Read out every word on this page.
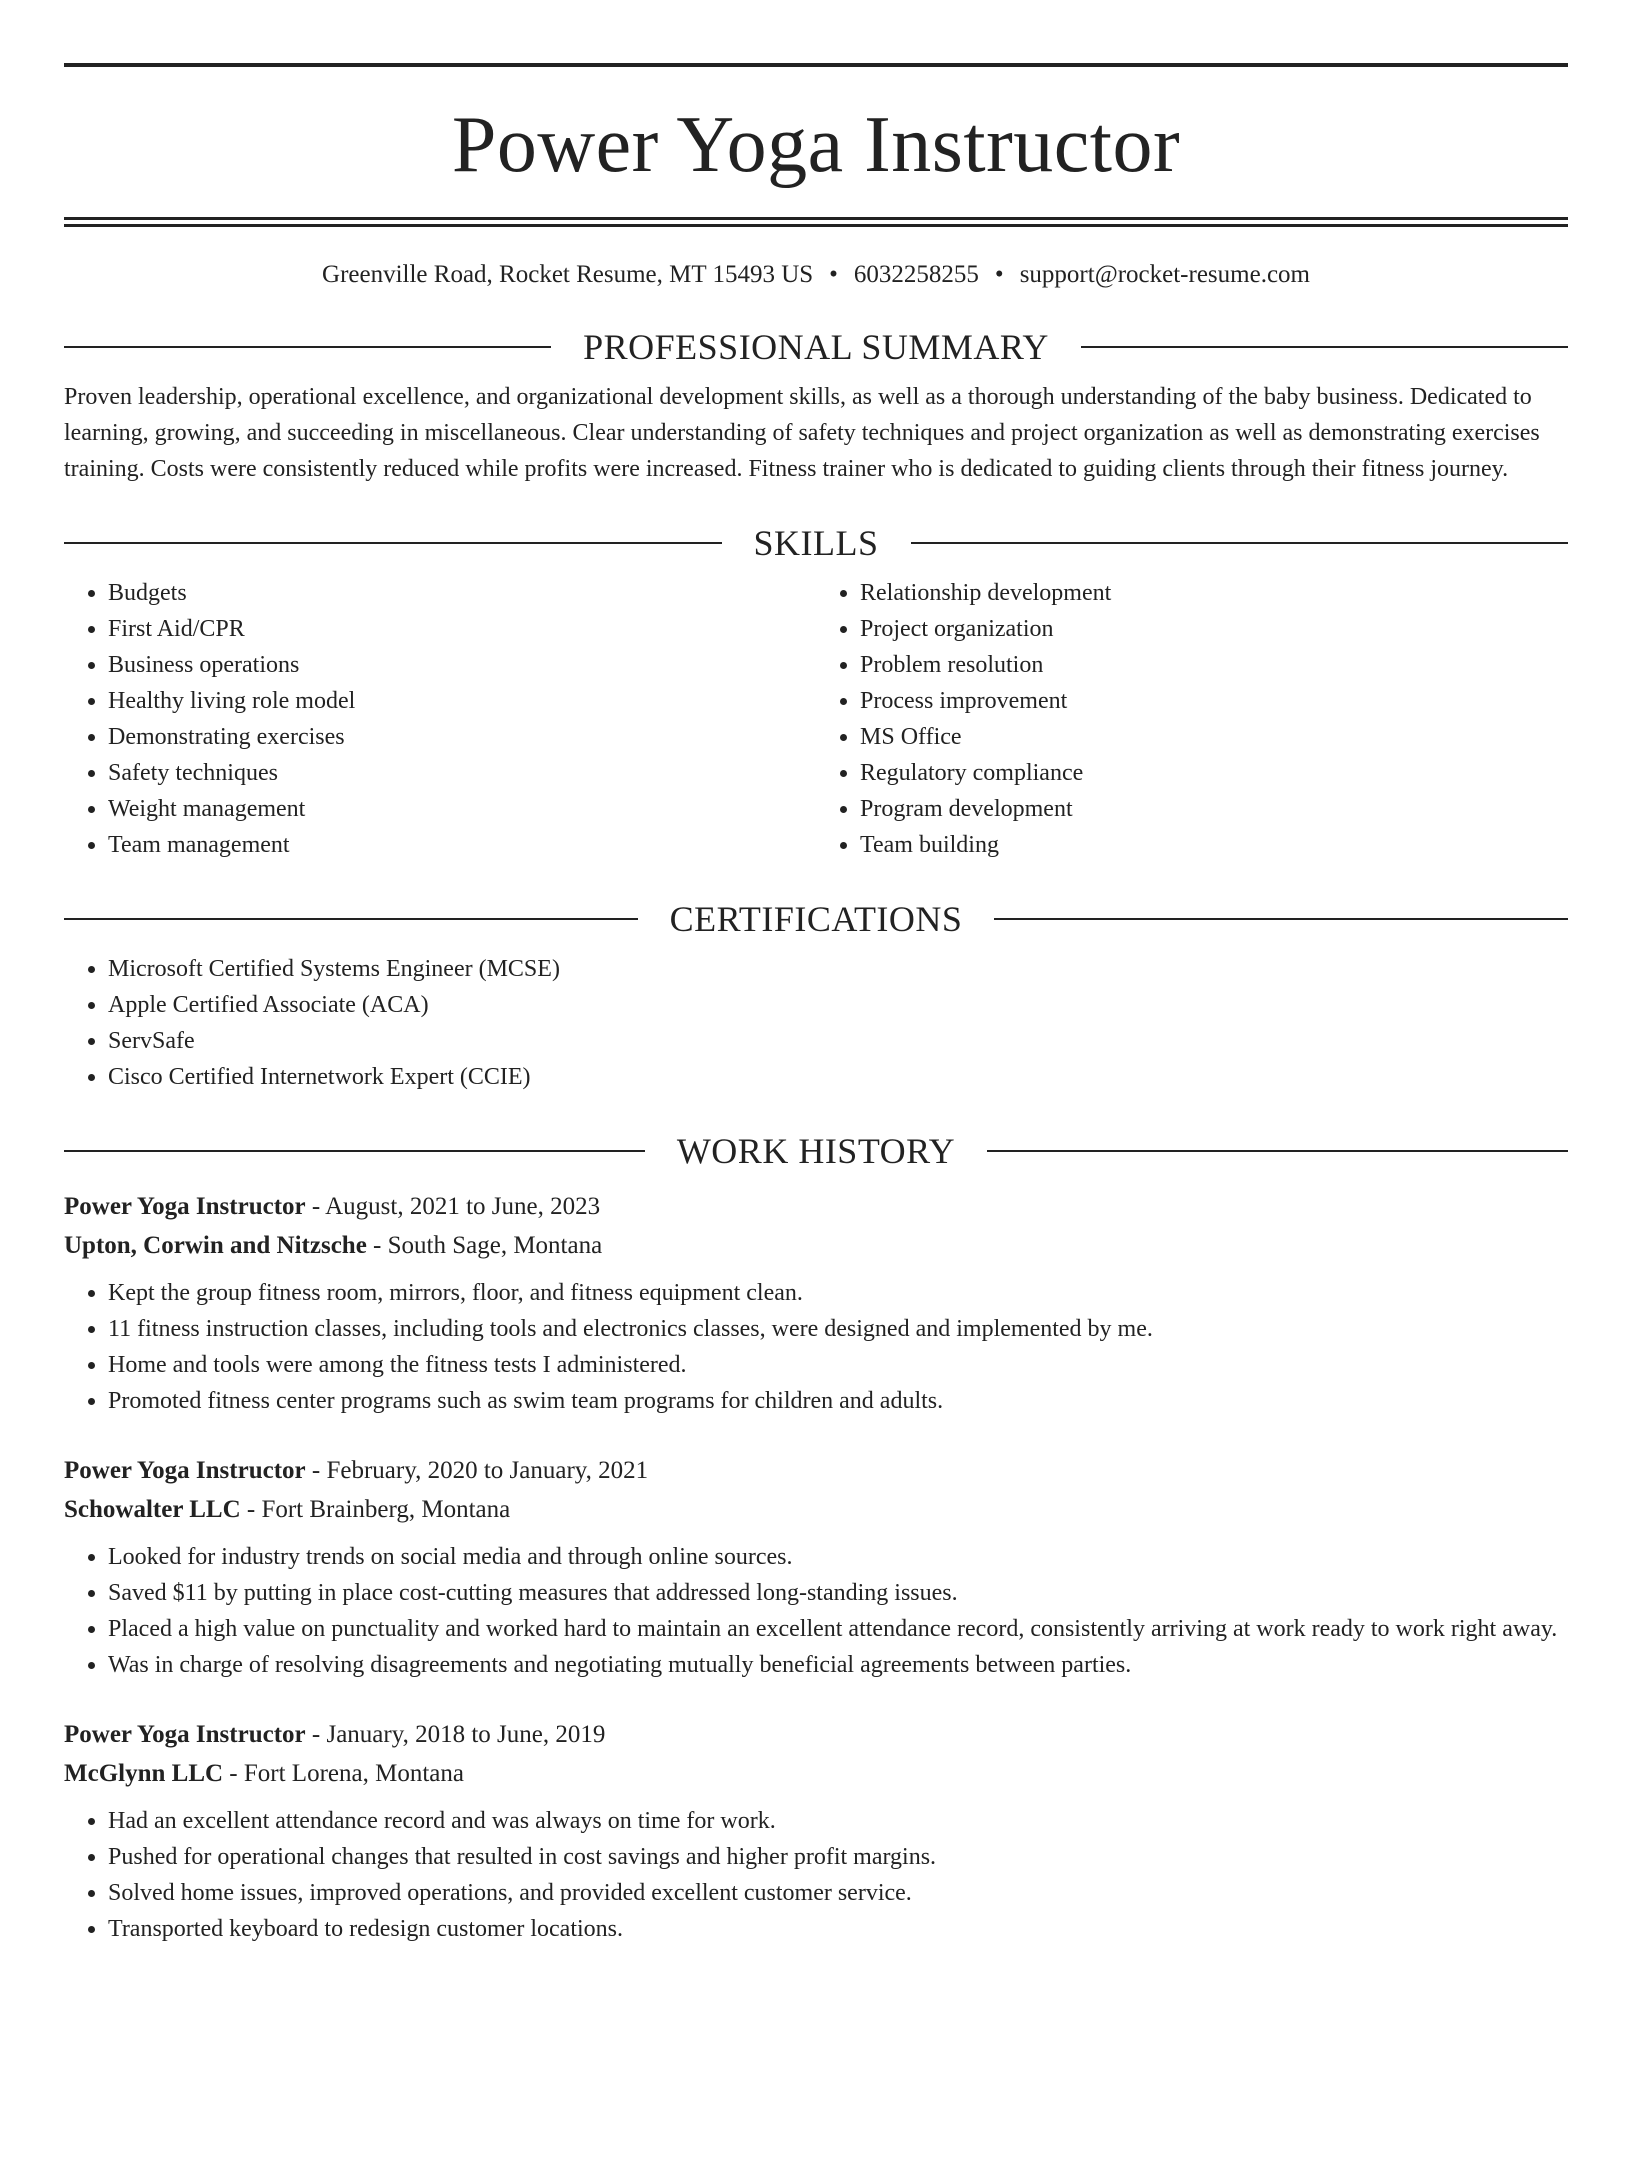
Power Yoga Instructor
Greenville Road, Rocket Resume, MT 15493 US • 6032258255 • support@rocket-resume.com
PROFESSIONAL SUMMARY
Proven leadership, operational excellence, and organizational development skills, as well as a thorough understanding of the baby business. Dedicated to learning, growing, and succeeding in miscellaneous. Clear understanding of safety techniques and project organization as well as demonstrating exercises training. Costs were consistently reduced while profits were increased. Fitness trainer who is dedicated to guiding clients through their fitness journey.
SKILLS
• Budgets
• First Aid/CPR
• Business operations
• Healthy living role model
• Demonstrating exercises
• Safety techniques
• Weight management
• Team management
• Relationship development
• Project organization
• Problem resolution
• Process improvement
• MS Office
• Regulatory compliance
• Program development
• Team building
CERTIFICATIONS
• Microsoft Certified Systems Engineer (MCSE)
• Apple Certified Associate (ACA)
• ServSafe
• Cisco Certified Internetwork Expert (CCIE)
WORK HISTORY
Power Yoga Instructor - August, 2021 to June, 2023
Upton, Corwin and Nitzsche - South Sage, Montana
• Kept the group fitness room, mirrors, floor, and fitness equipment clean.
• 11 fitness instruction classes, including tools and electronics classes, were designed and implemented by me.
• Home and tools were among the fitness tests I administered.
• Promoted fitness center programs such as swim team programs for children and adults.
Power Yoga Instructor - February, 2020 to January, 2021
Schowalter LLC - Fort Brainberg, Montana
• Looked for industry trends on social media and through online sources.
• Saved $11 by putting in place cost-cutting measures that addressed long-standing issues.
• Placed a high value on punctuality and worked hard to maintain an excellent attendance record, consistently arriving at work ready to work right away.
• Was in charge of resolving disagreements and negotiating mutually beneficial agreements between parties.
Power Yoga Instructor - January, 2018 to June, 2019
McGlynn LLC - Fort Lorena, Montana
• Had an excellent attendance record and was always on time for work.
• Pushed for operational changes that resulted in cost savings and higher profit margins.
• Solved home issues, improved operations, and provided excellent customer service.
• Transported keyboard to redesign customer locations.
